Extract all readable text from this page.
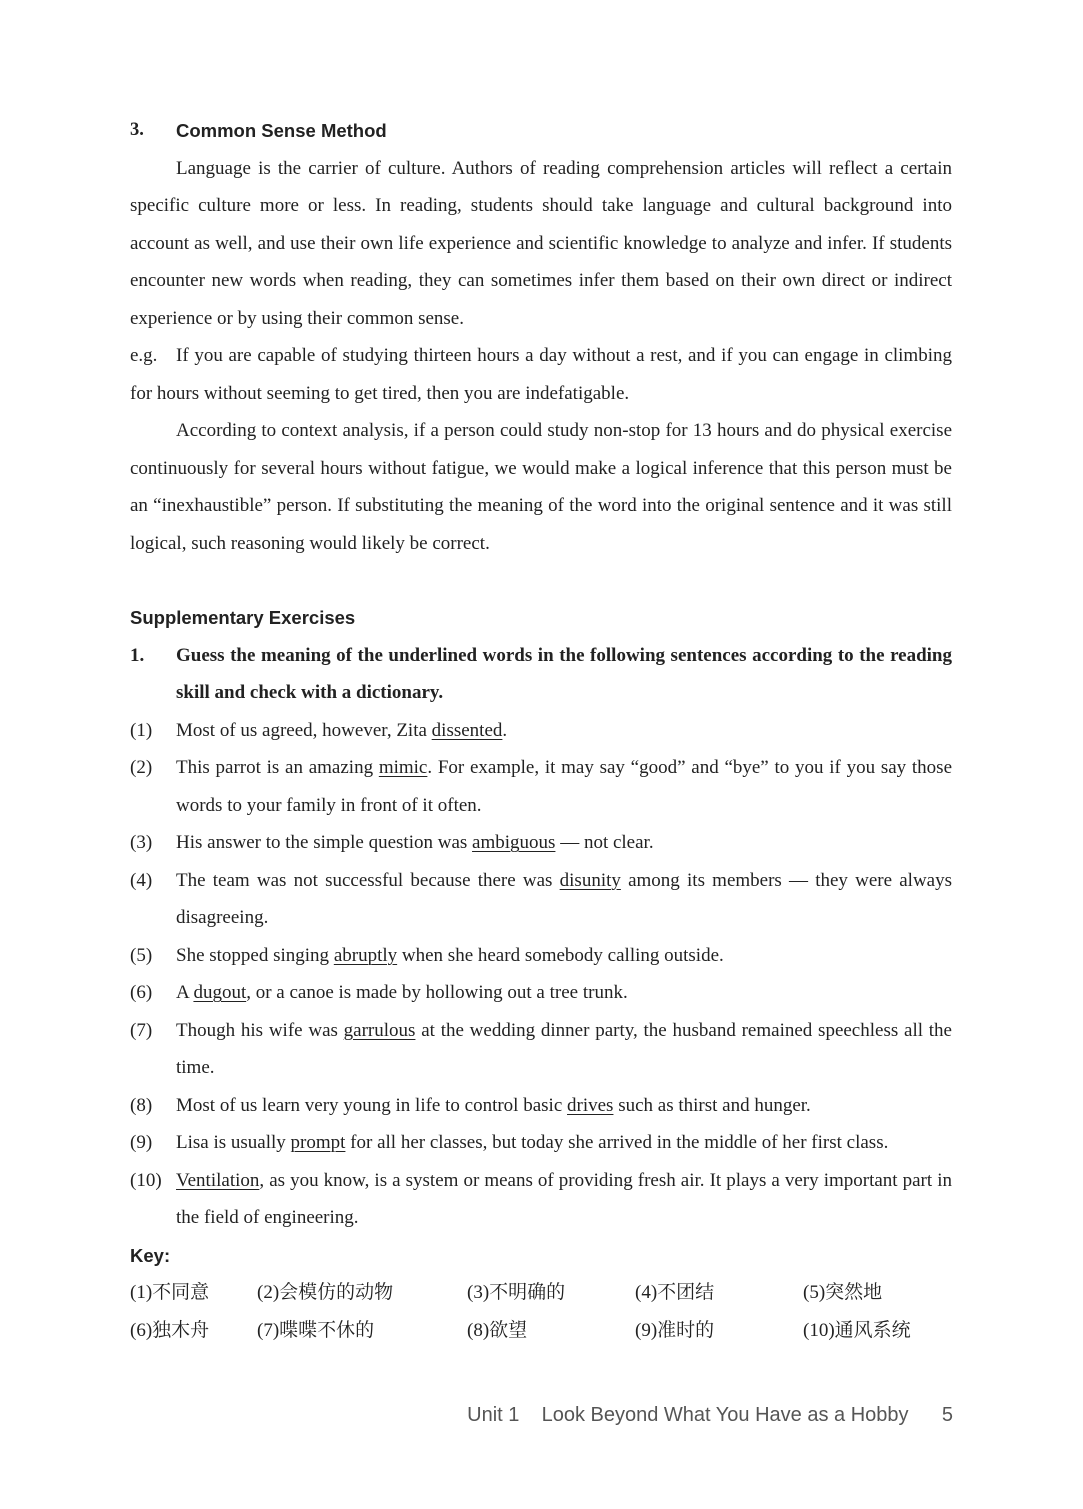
3.	Common Sense Method

Language is the carrier of culture. Authors of reading comprehension articles will reflect a certain specific culture more or less. In reading, students should take language and cultural background into account as well, and use their own life experience and scientific knowledge to analyze and infer. If students encounter new words when reading, they can sometimes infer them based on their own direct or indirect experience or by using their common sense.

e.g. If you are capable of studying thirteen hours a day without a rest, and if you can engage in climbing for hours without seeming to get tired, then you are indefatigable.

According to context analysis, if a person could study non-stop for 13 hours and do physical exercise continuously for several hours without fatigue, we would make a logical inference that this person must be an “inexhaustible” person. If substituting the meaning of the word into the original sentence and it was still logical, such reasoning would likely be correct.

Supplementary Exercises
1.	Guess the meaning of the underlined words in the following sentences according to the reading skill and check with a dictionary.
(1)	Most of us agreed, however, Zita dissented.
(2)	This parrot is an amazing mimic. For example, it may say “good” and “bye” to you if you say those words to your family in front of it often.
(3)	His answer to the simple question was ambiguous — not clear.
(4)	The team was not successful because there was disunity among its members — they were always disagreeing.
(5)	She stopped singing abruptly when she heard somebody calling outside.
(6)	A dugout, or a canoe is made by hollowing out a tree trunk.
(7)	Though his wife was garrulous at the wedding dinner party, the husband remained speechless all the time.
(8)	Most of us learn very young in life to control basic drives such as thirst and hunger.
(9)	Lisa is usually prompt for all her classes, but today she arrived in the middle of her first class.
(10) Ventilation, as you know, is a system or means of providing fresh air. It plays a very important part in the field of engineering.
Key:
(1)不同意	(2)会模仿的动物	(3)不明确的	(4)不团结	(5)突然地
(6)独木舟	(7)喋喋不休的	(8)欲望	(9)准时的	(10)通风系统
Unit 1 Look Beyond What You Have as a Hobby 5
